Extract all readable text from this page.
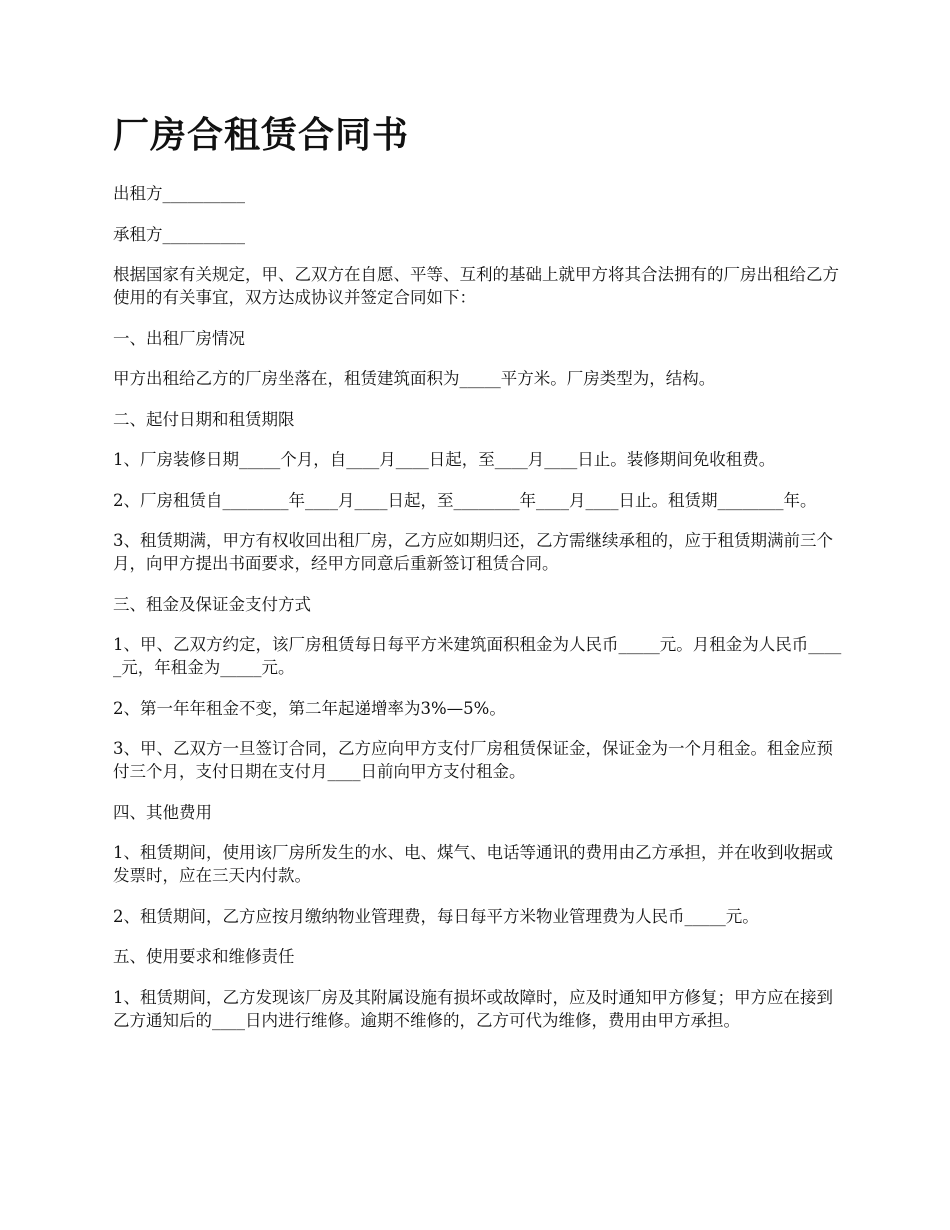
厂房合租赁合同书

出租方__________

承租方__________

根据国家有关规定，甲、乙双方在自愿、平等、互利的基础上就甲方将其合法拥有的厂房出租给乙方使用的有关事宜，双方达成协议并签定合同如下：

一、出租厂房情况

甲方出租给乙方的厂房坐落在，租赁建筑面积为_____平方米。厂房类型为，结构。

二、起付日期和租赁期限

1、厂房装修日期_____个月，自____月____日起，至____月____日止。装修期间免收租费。

2、厂房租赁自________年____月____日起，至________年____月____日止。租赁期________年。

3、租赁期满，甲方有权收回出租厂房，乙方应如期归还，乙方需继续承租的，应于租赁期满前三个月，向甲方提出书面要求，经甲方同意后重新签订租赁合同。

三、租金及保证金支付方式

1、甲、乙双方约定，该厂房租赁每日每平方米建筑面积租金为人民币_____元。月租金为人民币_____元，年租金为_____元。

2、第一年年租金不变，第二年起递增率为3%—5%。

3、甲、乙双方一旦签订合同，乙方应向甲方支付厂房租赁保证金，保证金为一个月租金。租金应预付三个月，支付日期在支付月____日前向甲方支付租金。

四、其他费用

1、租赁期间，使用该厂房所发生的水、电、煤气、电话等通讯的费用由乙方承担，并在收到收据或发票时，应在三天内付款。

2、租赁期间，乙方应按月缴纳物业管理费，每日每平方米物业管理费为人民币_____元。

五、使用要求和维修责任

1、租赁期间，乙方发现该厂房及其附属设施有损坏或故障时，应及时通知甲方修复；甲方应在接到乙方通知后的____日内进行维修。逾期不维修的，乙方可代为维修，费用由甲方承担。
